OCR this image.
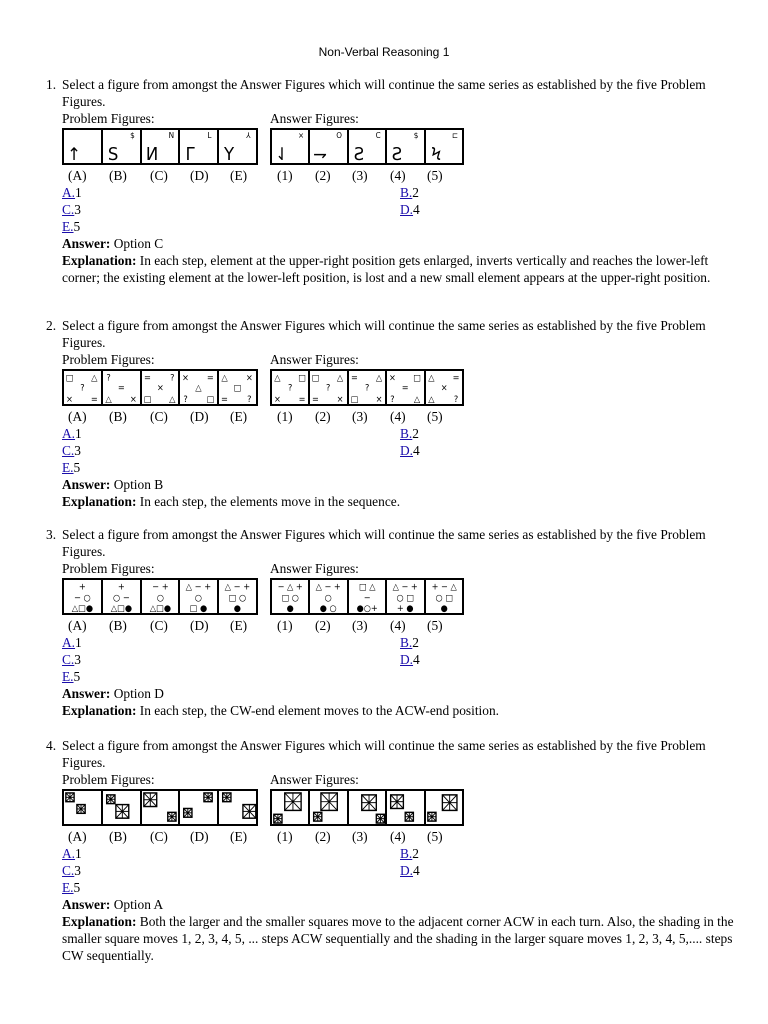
Non-Verbal Reasoning 1
1. Select a figure from amongst the Answer Figures which will continue the same series as established by the five Problem Figures.
Problem Figures:	Answer Figures:
↑
$
S
N
И
L
Γ
⅄
Y
×
⇃
O
⇁
C
Ƨ
$
Ƨ
⊏
Ϟ
(A) (B) (C) (D) (E) (1) (2) (3) (4) (5)
A.1	B.2
C.3	D.4
E.5
Answer: Option C
Explanation: In each step, element at the upper-right position gets enlarged, inverts vertically and reaches the lower-left corner; the existing element at the lower-left position, is lost and a new small element appears at the upper-right position.
2. Select a figure from amongst the Answer Figures which will continue the same series as established by the five Problem Figures.
Problem Figures:	Answer Figures:
□ △
?
× =
?
=
△ ×
= ?
×
□ △
× =
△
? □
△ ×
□
= ?
△ □
?
× =
□ △
?
= ×
= △
?
□ ×
× □
=
? △
△ =
×
△ ?
(A) (B) (C) (D) (E) (1) (2) (3) (4) (5)
A.1	B.2
C.3	D.4
E.5
Answer: Option B
Explanation: In each step, the elements move in the sequence.
3. Select a figure from amongst the Answer Figures which will continue the same series as established by the five Problem Figures.
Problem Figures:	Answer Figures:
+
− ○
△□●
+
○ −
△□●
− +
○
△□●
△ − +
○
□ ●
△ − +
□ ○
●
− △ +
□ ○
●
△ − +
○
● ○
□ △
−
●○+
△ − +
○ □
+ ●
+ − △
○ □
●
(A) (B) (C) (D) (E) (1) (2) (3) (4) (5)
A.1	B.2
C.3	D.4
E.5
Answer: Option D
Explanation: In each step, the CW-end element moves to the ACW-end position.
4. Select a figure from amongst the Answer Figures which will continue the same series as established by the five Problem Figures.
Problem Figures:	Answer Figures:
(A) (B) (C) (D) (E) (1) (2) (3) (4) (5)
A.1	B.2
C.3	D.4
E.5
Answer: Option A
Explanation: Both the larger and the smaller squares move to the adjacent corner ACW in each turn. Also, the shading in the smaller square moves 1, 2, 3, 4, 5, ... steps ACW sequentially and the shading in the larger square moves 1, 2, 3, 4, 5,.... steps CW sequentially.
